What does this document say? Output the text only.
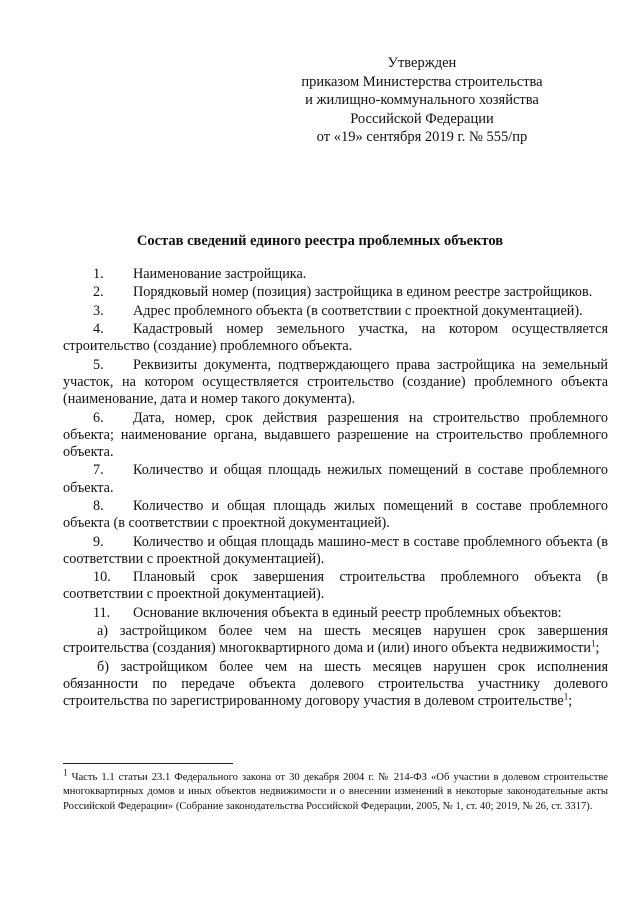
Утвержден
приказом Министерства строительства
и жилищно-коммунального хозяйства
Российской Федерации
от «19» сентября 2019 г. № 555/пр
Состав сведений единого реестра проблемных объектов

1. Наименование застройщика.

2. Порядковый номер (позиция) застройщика в едином реестре застройщиков.

3. Адрес проблемного объекта (в соответствии с проектной документацией).

4. Кадастровый номер земельного участка, на котором осуществляется строительство (создание) проблемного объекта.

5. Реквизиты документа, подтверждающего права застройщика на земельный участок, на котором осуществляется строительство (создание) проблемного объекта (наименование, дата и номер такого документа).

6. Дата, номер, срок действия разрешения на строительство проблемного объекта; наименование органа, выдавшего разрешение на строительство проблемного объекта.

7. Количество и общая площадь нежилых помещений в составе проблемного объекта.

8. Количество и общая площадь жилых помещений в составе проблемного объекта (в соответствии с проектной документацией).

9. Количество и общая площадь машино-мест в составе проблемного объекта (в соответствии с проектной документацией).

10. Плановый срок завершения строительства проблемного объекта (в соответствии с проектной документацией).

11. Основание включения объекта в единый реестр проблемных объектов:

а) застройщиком более чем на шесть месяцев нарушен срок завершения строительства (создания) многоквартирного дома и (или) иного объекта недвижимости$^1$;

б) застройщиком более чем на шесть месяцев нарушен срок исполнения обязанности по передаче объекта долевого строительства участнику долевого строительства по зарегистрированному договору участия в долевом строительстве$^1$;

$^1$ Часть 1.1 статьи 23.1 Федерального закона от 30 декабря 2004 г. № 214-ФЗ «Об участии в долевом строительстве многоквартирных домов и иных объектов недвижимости и о внесении изменений в некоторые законодательные акты Российской Федерации» (Собрание законодательства Российской Федерации, 2005, № 1, ст. 40; 2019, № 26, ст. 3317).
